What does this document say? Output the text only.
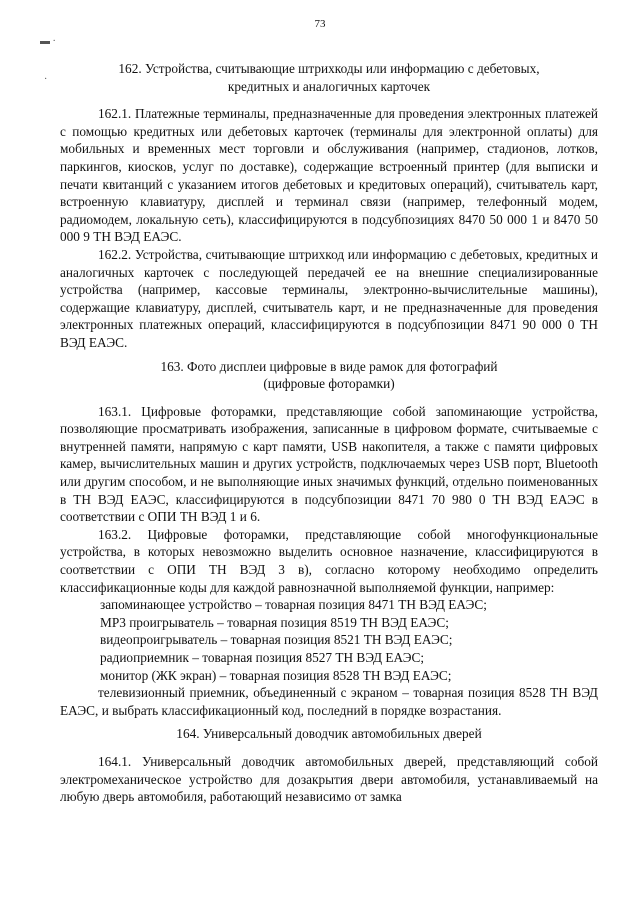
73
▬ ·
·
162. Устройства, считывающие штрихкоды или информацию с дебетовых,
кредитных и аналогичных карточек

162.1. Платежные терминалы, предназначенные для проведения электронных платежей с помощью кредитных или дебетовых карточек (терминалы для электронной оплаты) для мобильных и временных мест торговли и обслуживания (например, стадионов, лотков, паркингов, киосков, услуг по доставке), содержащие встроенный принтер (для выписки и печати квитанций с указанием итогов дебетовых и кредитовых операций), считыватель карт, встроенную клавиатуру, дисплей и терминал связи (например, телефонный модем, радиомодем, локальную сеть), классифицируются в подсубпозициях 8470 50 000 1 и 8470 50 000 9 ТН ВЭД ЕАЭС.

162.2. Устройства, считывающие штрихкод или информацию с дебетовых, кредитных и аналогичных карточек с последующей передачей ее на внешние специализированные устройства (например, кассовые терминалы, электронно-вычислительные машины), содержащие клавиатуру, дисплей, считыватель карт, и не предназначенные для проведения электронных платежных операций, классифицируются в подсубпозиции 8471 90 000 0 ТН ВЭД ЕАЭС.

163. Фото дисплеи цифровые в виде рамок для фотографий
(цифровые фоторамки)

163.1. Цифровые фоторамки, представляющие собой запоминающие устройства, позволяющие просматривать изображения, записанные в цифровом формате, считываемые с внутренней памяти, напрямую с карт памяти, USB накопителя, а также с памяти цифровых камер, вычислительных машин и других устройств, подключаемых через USB порт, Bluetooth или другим способом, и не выполняющие иных значимых функций, отдельно поименованных в ТН ВЭД ЕАЭС, классифицируются в подсубпозиции 8471 70 980 0 ТН ВЭД ЕАЭС в соответствии с ОПИ ТН ВЭД 1 и 6.

163.2. Цифровые фоторамки, представляющие собой многофункциональные устройства, в которых невозможно выделить основное назначение, классифицируются в соответствии с ОПИ ТН ВЭД 3 в), согласно которому необходимо определить классификационные коды для каждой равнозначной выполняемой функции, например:

запоминающее устройство – товарная позиция 8471 ТН ВЭД ЕАЭС;

МР3 проигрыватель – товарная позиция 8519 ТН ВЭД ЕАЭС;

видеопроигрыватель – товарная позиция 8521 ТН ВЭД ЕАЭС;

радиоприемник – товарная позиция 8527 ТН ВЭД ЕАЭС;

монитор (ЖК экран) – товарная позиция 8528 ТН ВЭД ЕАЭС;

телевизионный приемник, объединенный с экраном – товарная позиция 8528 ТН ВЭД ЕАЭС, и выбрать классификационный код, последний в порядке возрастания.

164. Универсальный доводчик автомобильных дверей

164.1. Универсальный доводчик автомобильных дверей, представляющий собой электромеханическое устройство для дозакрытия двери автомобиля, устанавливаемый на любую дверь автомобиля, работающий независимо от замка
